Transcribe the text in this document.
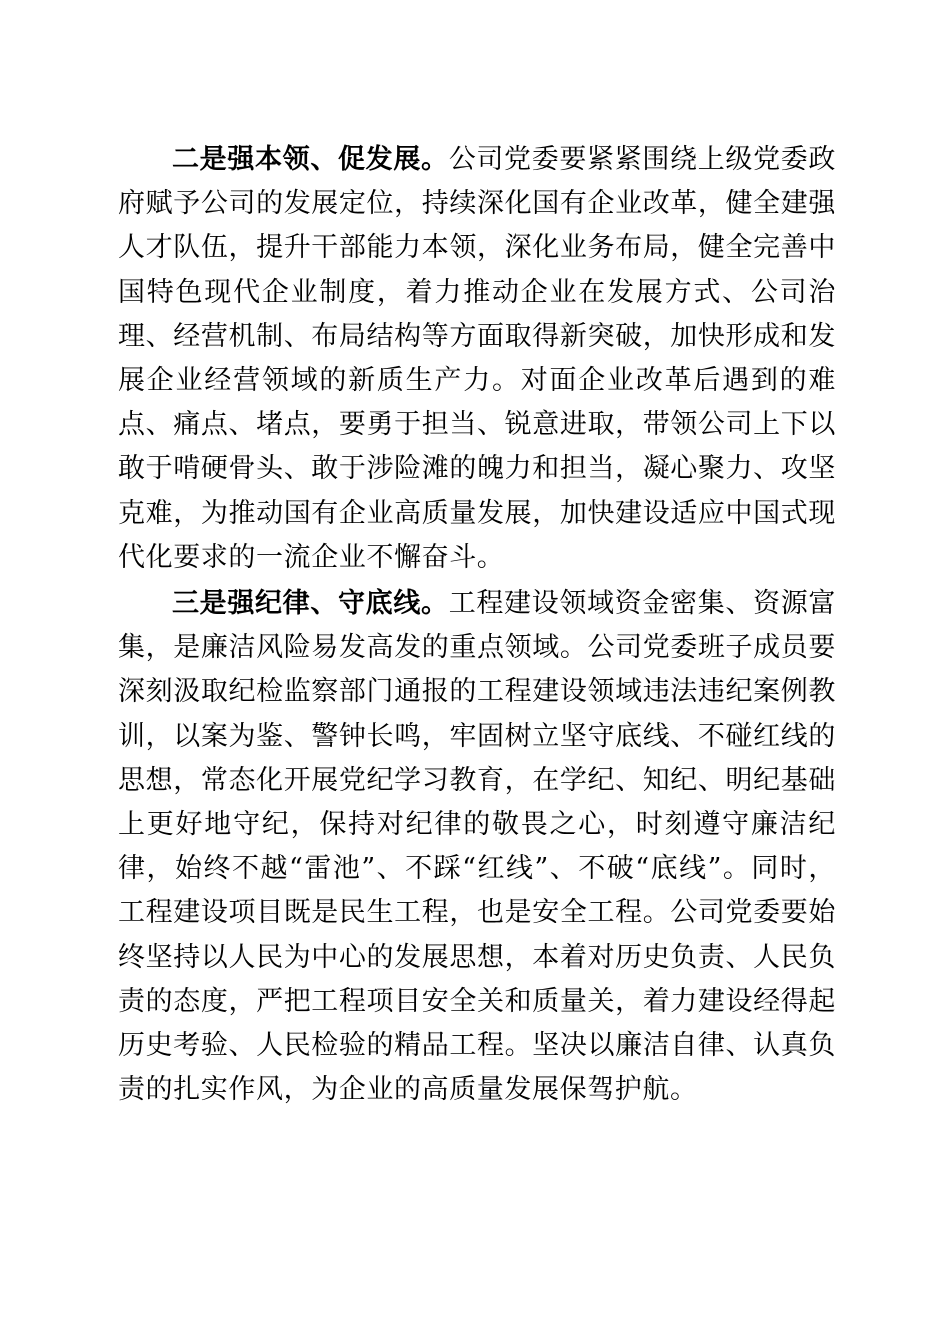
二是强本领、促发展。公司党委要紧紧围绕上级党委政府赋予公司的发展定位，持续深化国有企业改革，健全建强人才队伍，提升干部能力本领，深化业务布局，健全完善中国特色现代企业制度，着力推动企业在发展方式、公司治理、经营机制、布局结构等方面取得新突破，加快形成和发展企业经营领域的新质生产力。对面企业改革后遇到的难点、痛点、堵点，要勇于担当、锐意进取，带领公司上下以敢于啃硬骨头、敢于涉险滩的魄力和担当，凝心聚力、攻坚克难，为推动国有企业高质量发展，加快建设适应中国式现代化要求的一流企业不懈奋斗。

三是强纪律、守底线。工程建设领域资金密集、资源富集，是廉洁风险易发高发的重点领域。公司党委班子成员要深刻汲取纪检监察部门通报的工程建设领域违法违纪案例教训，以案为鉴、警钟长鸣，牢固树立坚守底线、不碰红线的思想，常态化开展党纪学习教育，在学纪、知纪、明纪基础上更好地守纪，保持对纪律的敬畏之心，时刻遵守廉洁纪律，始终不越“雷池”、不踩“红线”、不破“底线”。同时，工程建设项目既是民生工程，也是安全工程。公司党委要始终坚持以人民为中心的发展思想，本着对历史负责、人民负责的态度，严把工程项目安全关和质量关，着力建设经得起历史考验、人民检验的精品工程。坚决以廉洁自律、认真负责的扎实作风，为企业的高质量发展保驾护航。
